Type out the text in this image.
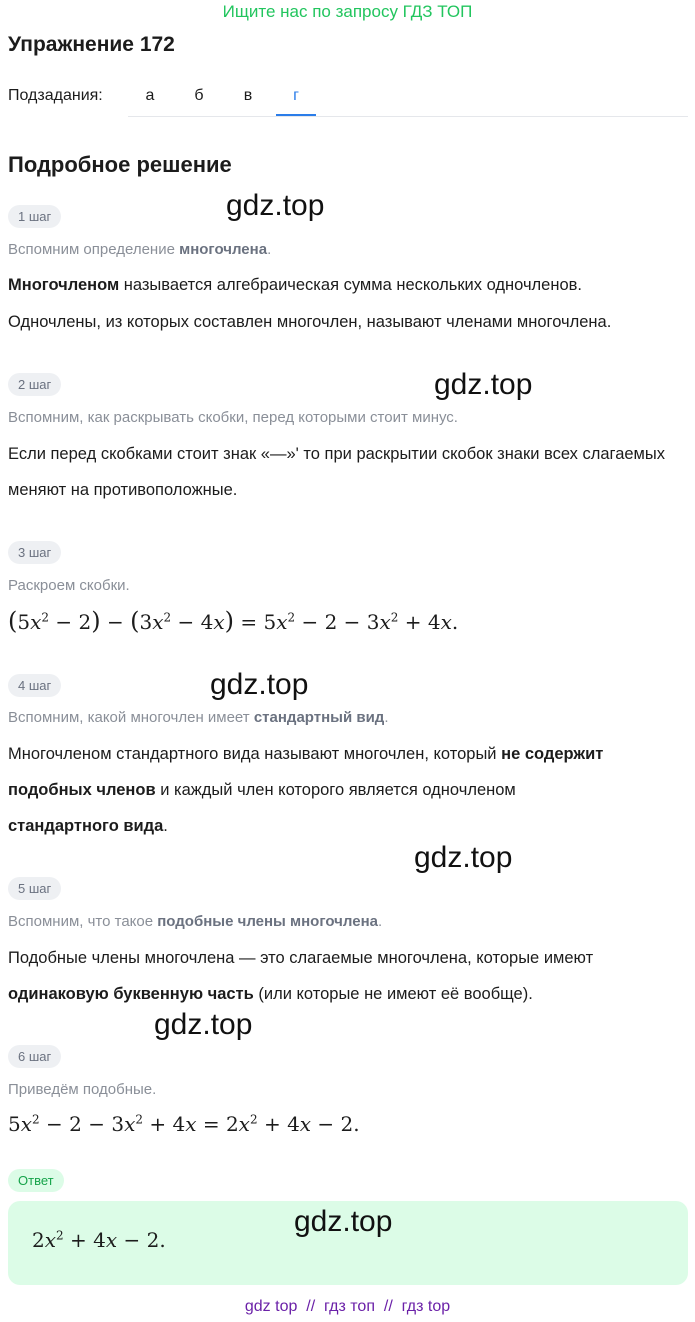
Ищите нас по запросу ГДЗ ТОП
Упражнение 172
Подзадания:	а	б	в	г
Подробное решение
1 шаг	gdz.top
Вспомним определение многочлена.
Многочленом называется алгебраическая сумма нескольких одночленов.
Одночлены, из которых составлен многочлен, называют членами многочлена.
2 шаг	gdz.top
Вспомним, как раскрывать скобки, перед которыми стоит минус.
Если перед скобками стоит знак «—»' то при раскрытии скобок знаки всех слагаемых меняют на противоположные.
3 шаг
Раскроем скобки.
$(5x^2 - 2) - (3x^2 - 4x) = 5x^2 - 2 - 3x^2 + 4x$.
4 шаг	gdz.top
Вспомним, какой многочлен имеет стандартный вид.
Многочленом стандартного вида называют многочлен, который не содержит
подобных членов и каждый член которого является одночленом
стандартного вида.
gdz.top
5 шаг
Вспомним, что такое подобные члены многочлена.
Подобные члены многочлена — это слагаемые многочлена, которые имеют
одинаковую буквенную часть (или которые не имеют её вообще).
gdz.top
6 шаг
Приведём подобные.
$5x^2 - 2 - 3x^2 + 4x = 2x^2 + 4x - 2$.
Ответ
gdz.top
$2x^2 + 4x - 2$.
gdz top  //  гдз топ  //  гдз top
